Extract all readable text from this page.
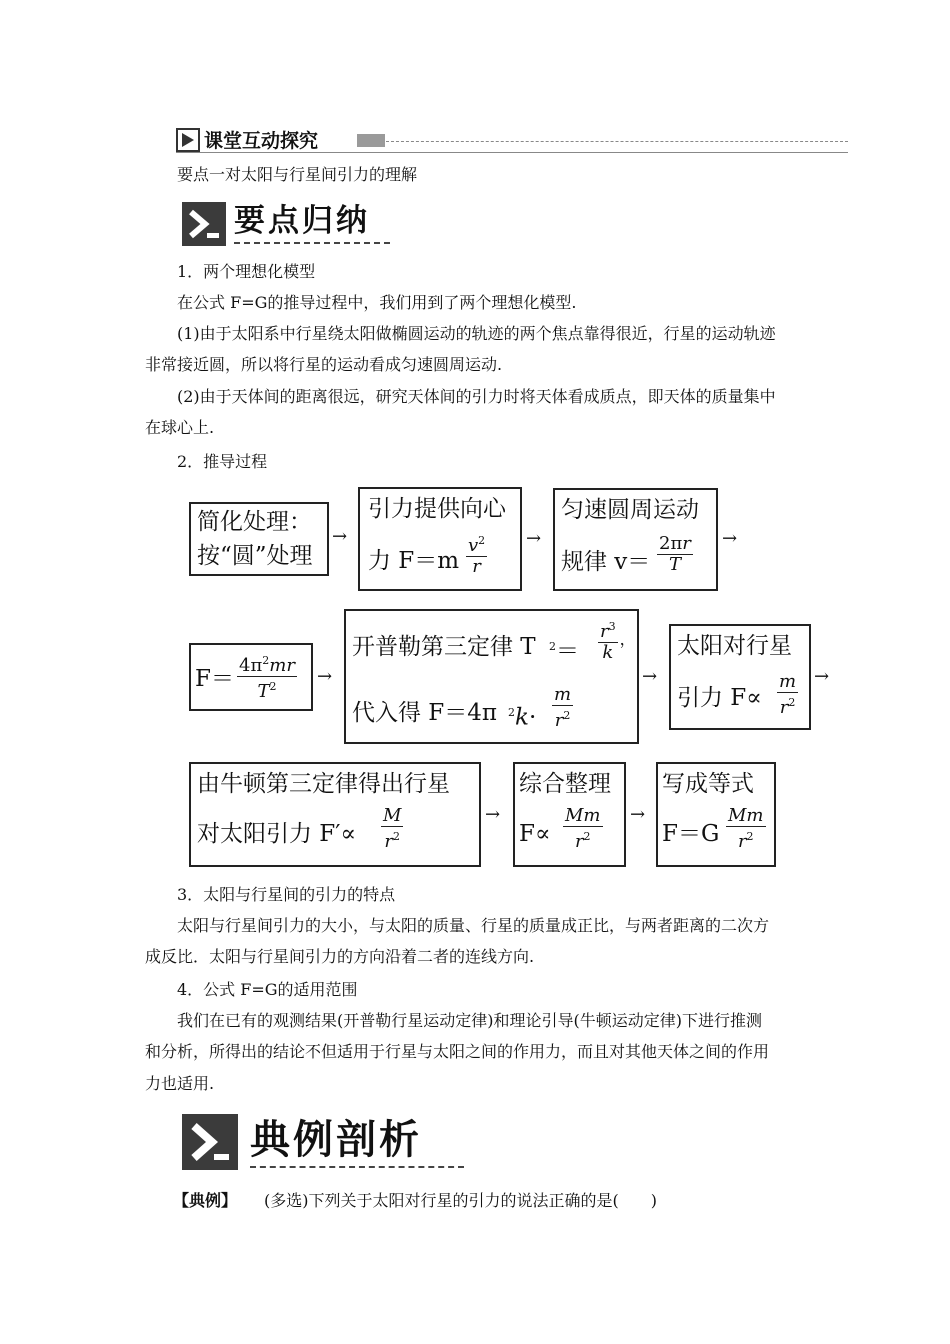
课堂互动探究
要点一对太阳与行星间引力的理解
要点归纳
1．两个理想化模型
在公式 F=G的推导过程中，我们用到了两个理想化模型.
(1)由于太阳系中行星绕太阳做椭圆运动的轨迹的两个焦点靠得很近，行星的运动轨迹
非常接近圆，所以将行星的运动看成匀速圆周运动.
(2)由于天体间的距离很远，研究天体间的引力时将天体看成质点，即天体的质量集中
在球心上.
2．推导过程
简化处理：
按“圆”处理
→
引力提供向心
力 $F=m \frac{v^2}{r}$ →
匀速圆周运动
规律 $v= \frac{2\pi r}{T}$ →
$F= \frac{4\pi^2mr}{T^2}$ →
开普勒第三定律 T $^2= \frac{r^3}{k}$ ，
代入得 F＝4π $^2k\cdot \frac{m}{r^2}$
→
太阳对行星
引力 $F\propto \frac{m}{r^2}$ →
由牛顿第三定律得出行星
对太阳引力 $F'\propto \frac{M}{r^2}$	→
综合整理
$F\propto \frac{Mm}{r^2}$ →
写成等式
$F=G \frac{Mm}{r^2}$
3．太阳与行星间的引力的特点
太阳与行星间引力的大小，与太阳的质量、行星的质量成正比，与两者距离的二次方
成反比．太阳与行星间引力的方向沿着二者的连线方向.
4．公式 F=G的适用范围
我们在已有的观测结果(开普勒行星运动定律)和理论引导(牛顿运动定律)下进行推测
和分析，所得出的结论不但适用于行星与太阳之间的作用力，而且对其他天体之间的作用
力也适用.
典例剖析
【典例】 (多选)下列关于太阳对行星的引力的说法正确的是(　　)
